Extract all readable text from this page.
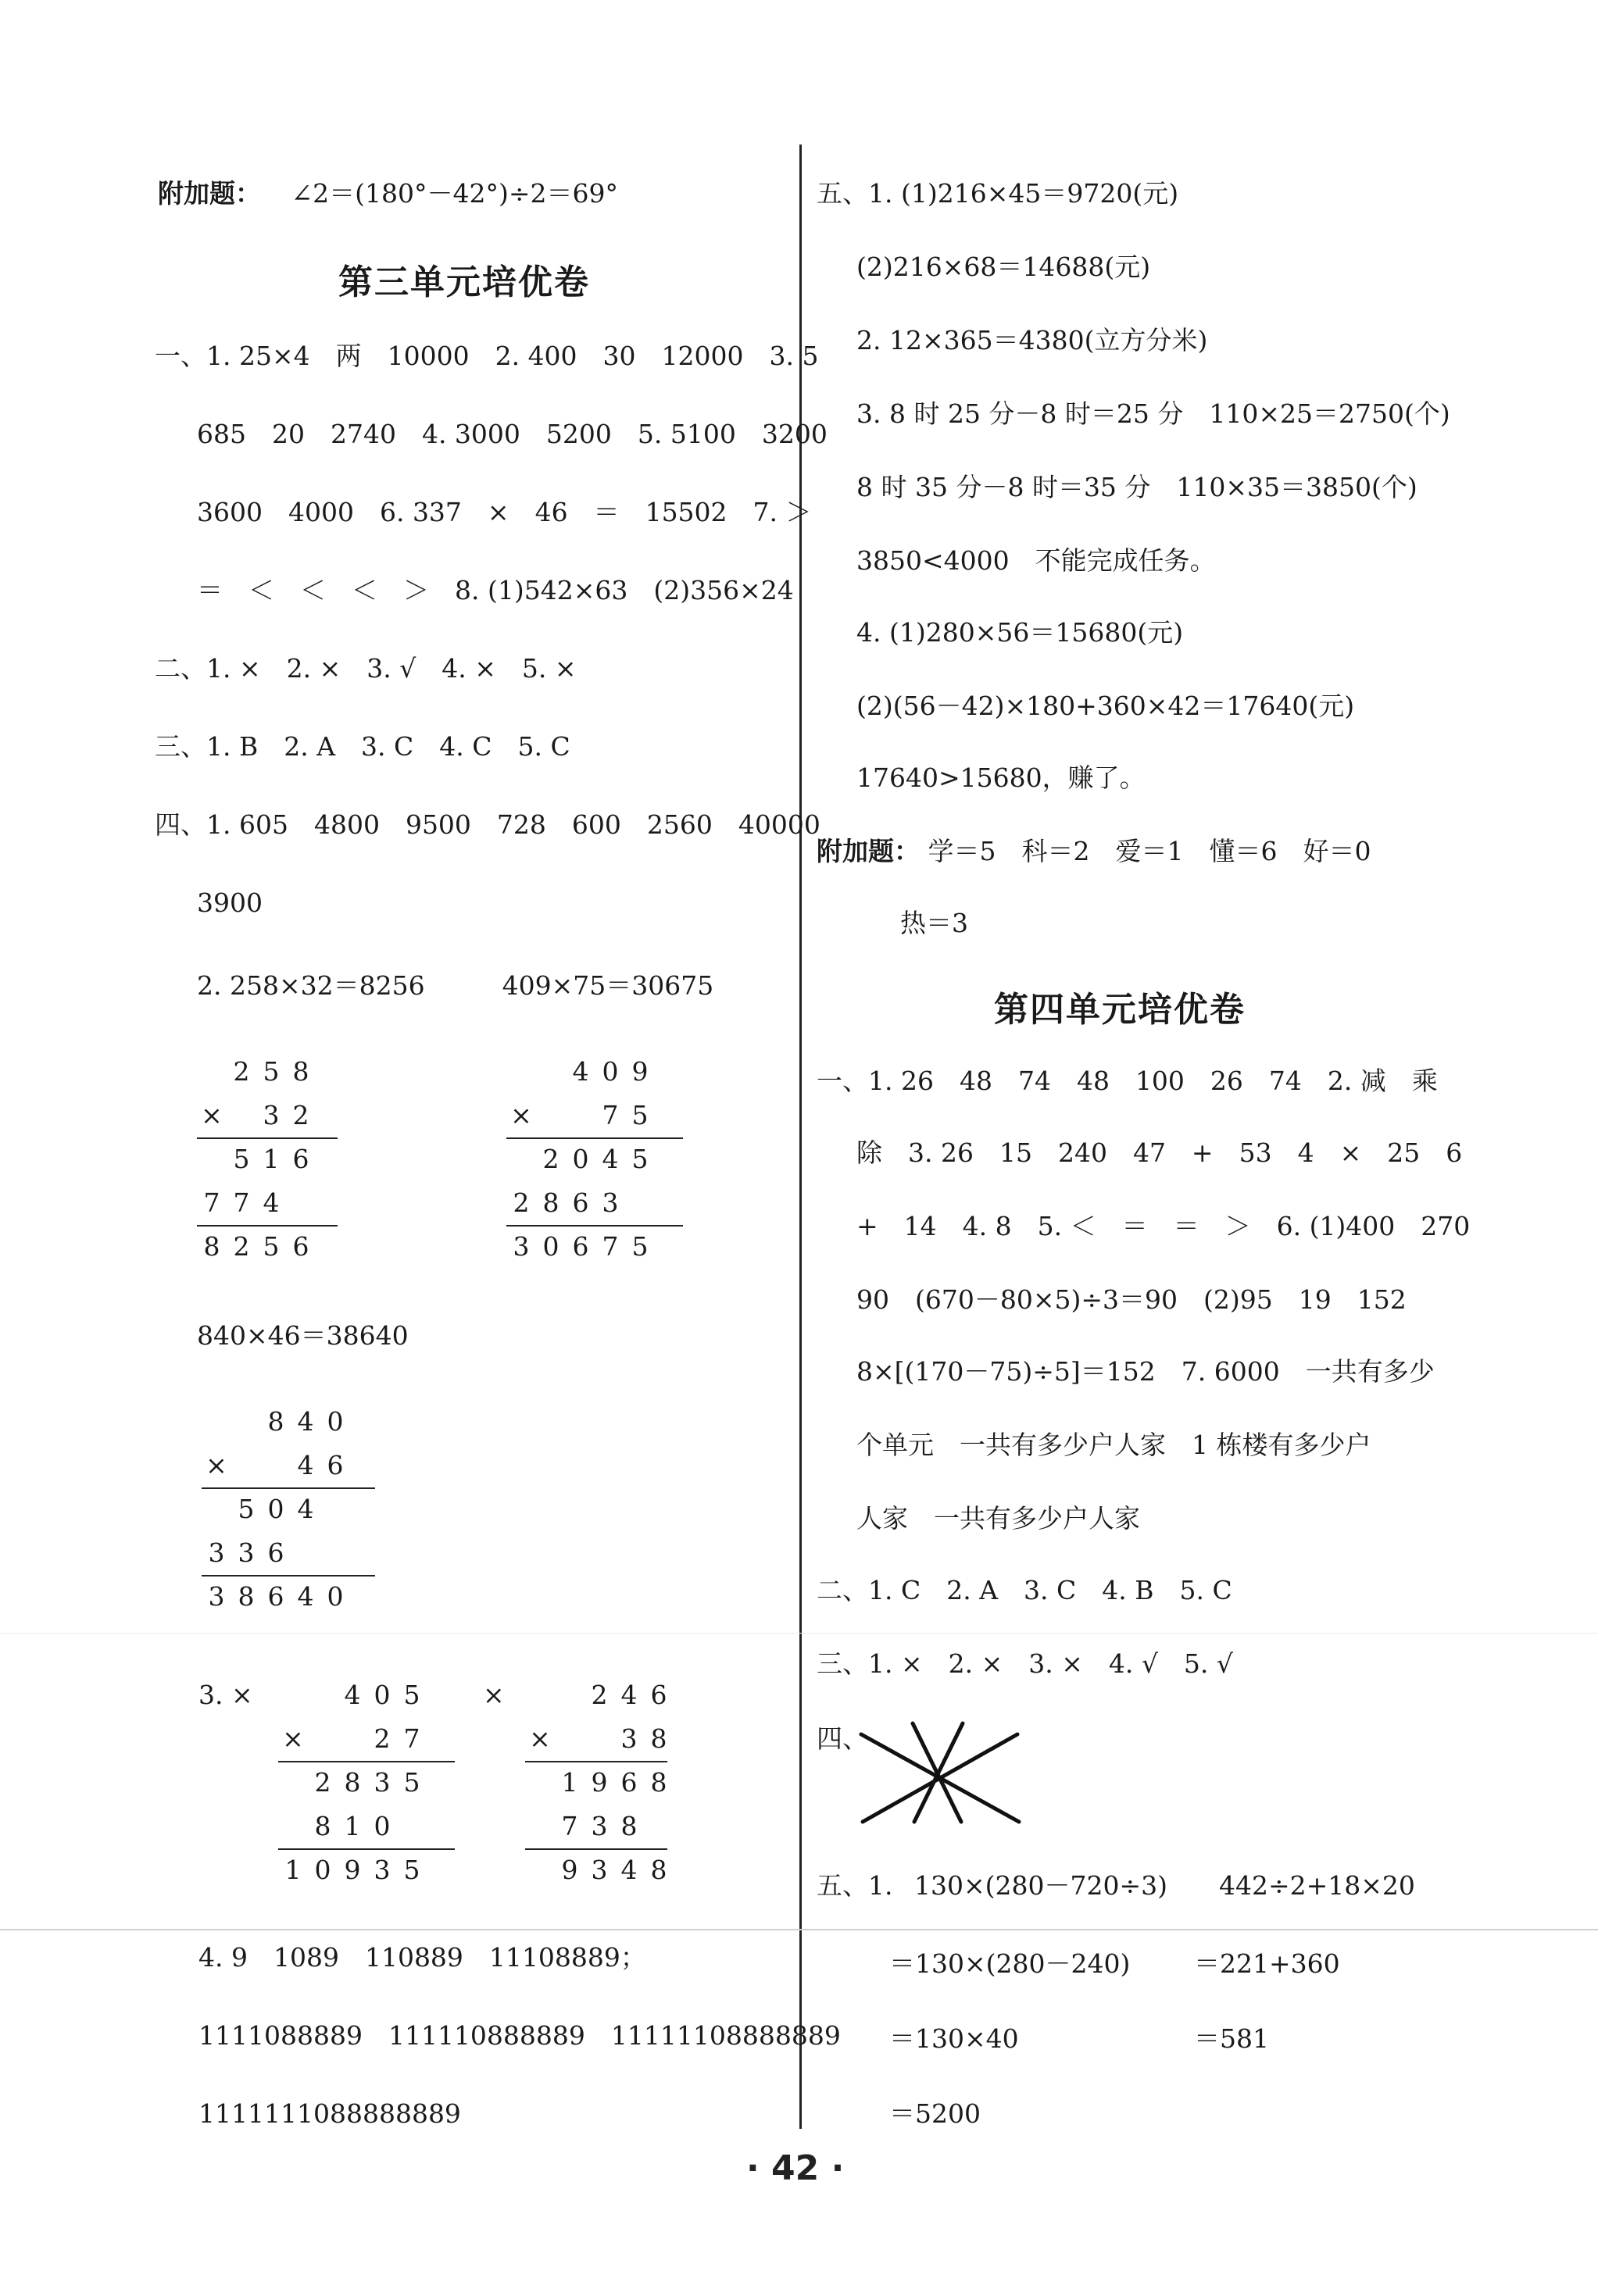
附加题： ∠2＝(180°－42°)÷2＝69°
第三单元培优卷
一、1. 25×4　两　10000　2. 400　30　12000　3. 5
685　20　2740　4. 3000　5200　5. 5100　3200
3600　4000　6. 337　×　46　＝　15502　7. ＞
＝　＜　＜　＜　＞　8. (1)542×63　(2)356×24
二、1. ×　2. ×　3. √　4. ×　5. ×
三、1. B　2. A　3. C　4. C　5. C
四、1. 605　4800　9500　728　600　2560　40000
3900
2. 258×32＝8256　　　409×75＝30675
2 5 8
× 3 2
5 1 6
7 7 4
8 2 5 6
4 0 9
×	7 5
2 0 4 5
2 8 6 3
3 0 6 7 5
840×46＝38640
8 4 0
×	4 6
5 0 4
3 3 6
3 8 6 4 0
3. ×	4 0 5
×	2 7
2 8 3 5
8 1 0
1 0 9 3 5
×	2 4 6
×	3 8
1 9 6 8
7 3 8
9 3 4 8
4. 9　1089　110889　11108889；
1111088889　111110888889　11111108888889
1111111088888889
五、1. (1)216×45＝9720(元)
(2)216×68＝14688(元)
2. 12×365＝4380(立方分米)
3. 8 时 25 分－8 时＝25 分　110×25＝2750(个)
8 时 35 分－8 时＝35 分　110×35＝3850(个)
3850<4000　不能完成任务。
4. (1)280×56＝15680(元)
(2)(56－42)×180+360×42＝17640(元)
17640>15680，赚了。
附加题： 学＝5　科＝2　爱＝1　懂＝6　好＝0
热＝3
第四单元培优卷
一、1. 26　48　74　48　100　26　74　2. 减　乘
除　3. 26　15　240　47　+　53　4　×　25　6
+　14　4. 8　5. ＜　＝　＝　＞　6. (1)400　270
90　(670－80×5)÷3＝90　(2)95　19　152
8×[(170－75)÷5]＝152　7. 6000　一共有多少
个单元　一共有多少户人家　1 栋楼有多少户
人家　一共有多少户人家
二、1. C　2. A　3. C　4. B　5. C
三、1. ×　2. ×　3. ×　4. √　5. √
四、
五、1. 130×(280－720÷3)
＝130×(280－240)
＝130×40
＝5200
442÷2+18×20
＝221+360
＝581
· 42 ·
